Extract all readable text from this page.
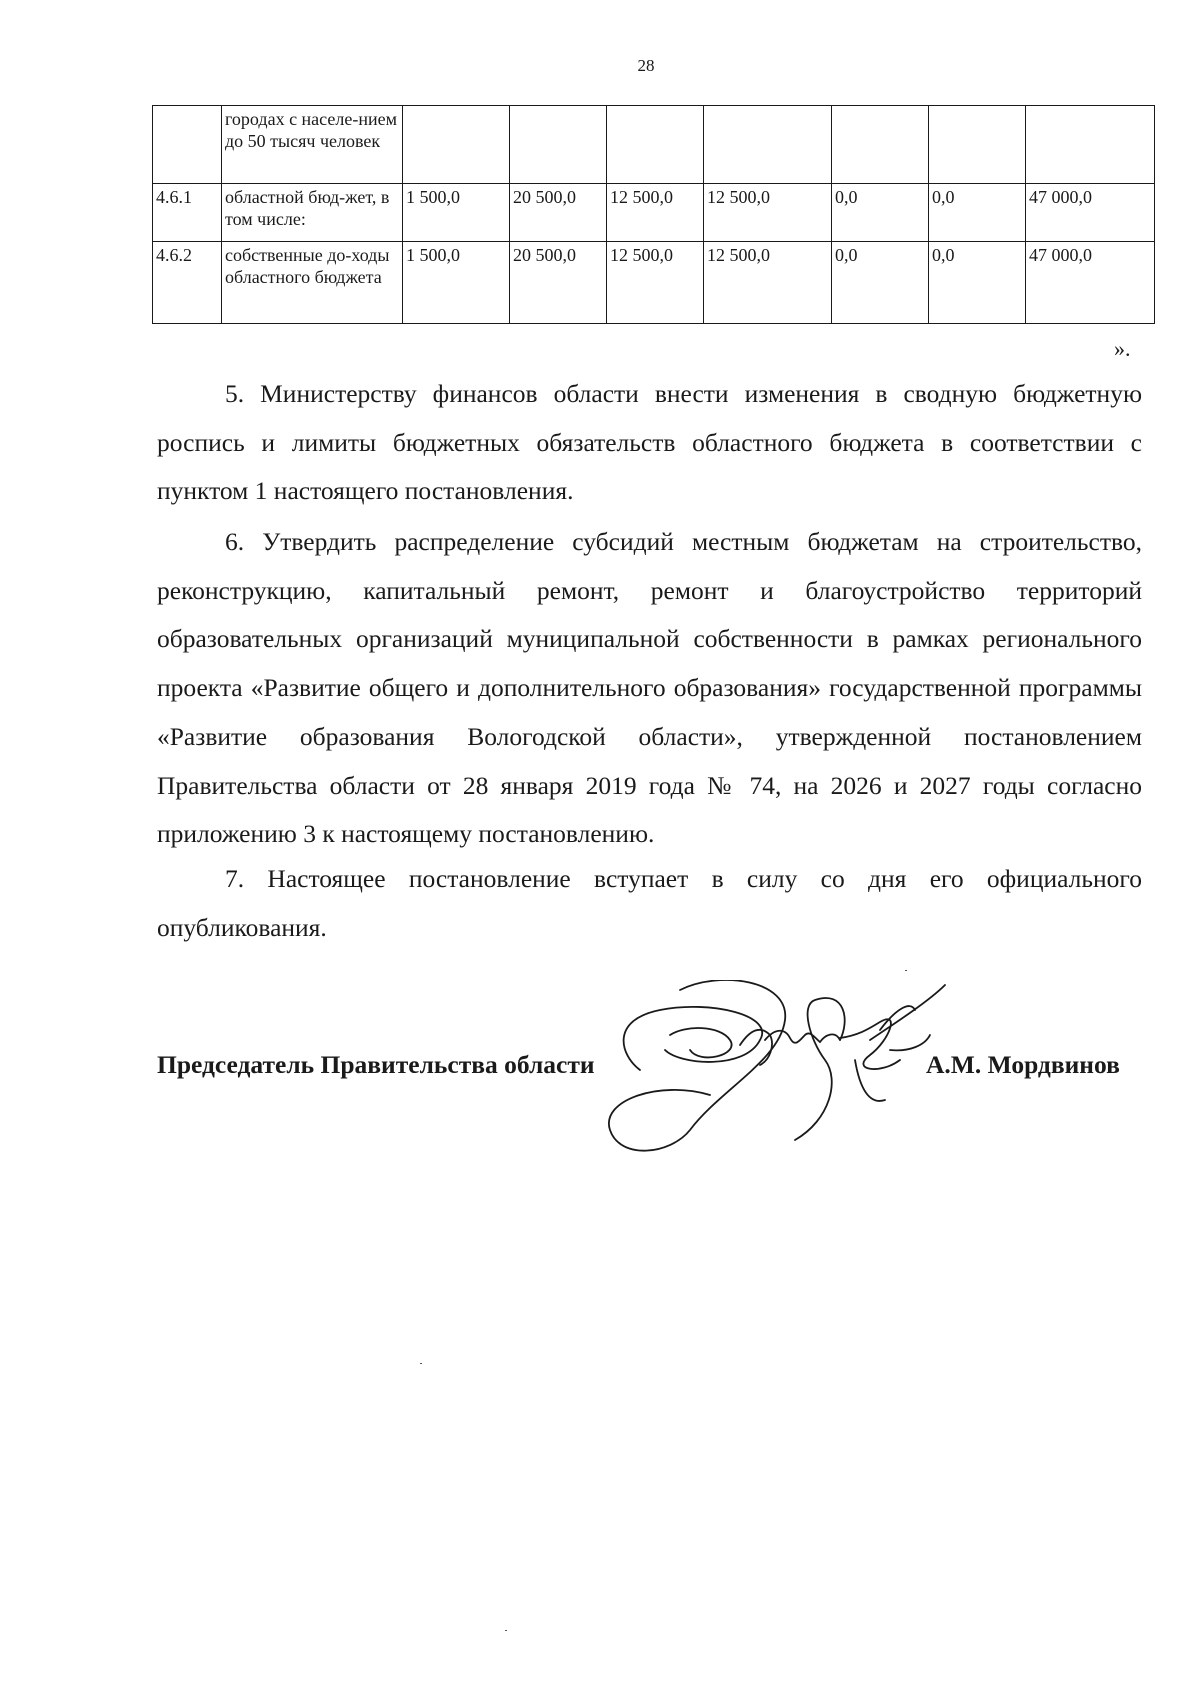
28
	городах с населе-нием до 50 тысяч человек							
4.6.1	областной бюд-жет, в том числе:	1 500,0	20 500,0	12 500,0	12 500,0	0,0	0,0	47 000,0
4.6.2	собственные до-ходы областного бюджета	1 500,0	20 500,0	12 500,0	12 500,0	0,0	0,0	47 000,0
».

5. Министерству финансов области внести изменения в сводную бюджетную роспись и лимиты бюджетных обязательств областного бюджета в соответствии с пунктом 1 настоящего постановления.

6. Утвердить распределение субсидий местным бюджетам на строительство, реконструкцию, капитальный ремонт, ремонт и благоустройство территорий образовательных организаций муниципальной собственности в рамках регионального проекта «Развитие общего и дополнительного образования» государственной программы «Развитие образования Вологодской области», утвержденной постановлением Правительства области от 28 января 2019 года № 74, на 2026 и 2027 годы согласно приложению 3 к настоящему постановлению.

7. Настоящее постановление вступает в силу со дня его официального опубликования.

Председатель Правительства области	А.М. Мордвинов
